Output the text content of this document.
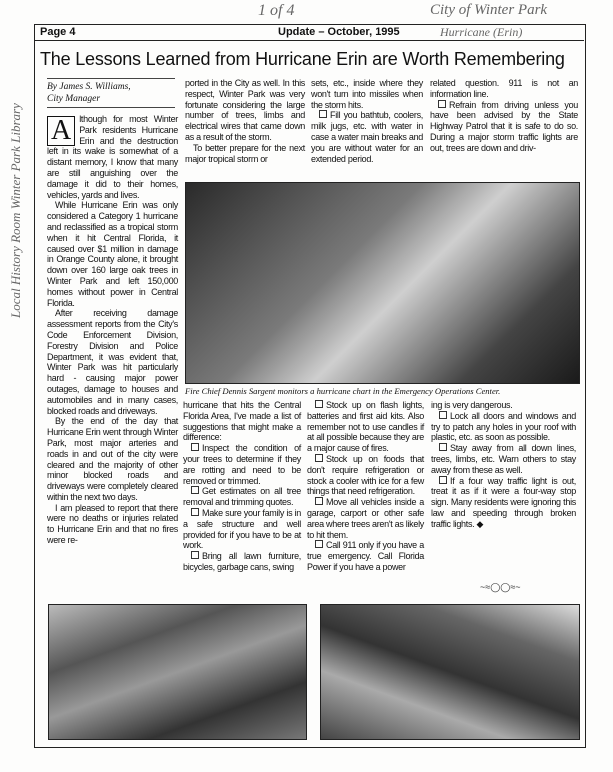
1 of 4	City of Winter Park
Hurricane (Erin)
Local History Room Winter Park Library
Page 4	Update – October, 1995
The Lessons Learned from Hurricane Erin are Worth Remembering
By James S. Williams,
City Manager

A lthough for most Winter Park residents Hurricane Erin and the destruction left in its wake is somewhat of a distant memory, I know that many are still anguishing over the damage it did to their homes, vehicles, yards and lives.

While Hurricane Erin was only considered a Category 1 hurricane and reclassified as a tropical storm when it hit Central Florida, it caused over $1 million in damage in Orange County alone, it brought down over 160 large oak trees in Winter Park and left 150,000 homes without power in Central Florida.

After receiving damage assessment reports from the City's Code Enforcement Division, Forestry Division and Police Department, it was evident that, Winter Park was hit particularly hard - causing major power outages, damage to houses and automobiles and in many cases, blocked roads and driveways.

By the end of the day that Hurricane Erin went through Winter Park, most major arteries and roads in and out of the city were cleared and the majority of other minor blocked roads and driveways were completely cleared within the next two days.

I am pleased to report that there were no deaths or injuries related to Hurricane Erin and that no fires were re-

ported in the City as well. In this respect, Winter Park was very fortunate considering the large number of trees, limbs and electrical wires that came down as a result of the storm.

To better prepare for the next major tropical storm or

sets, etc., inside where they won't turn into missiles when the storm hits.

Fill you bathtub, coolers, milk jugs, etc. with water in case a water main breaks and you are without water for an extended period.

related question. 911 is not an information line.

Refrain from driving unless you have been advised by the State Highway Patrol that it is safe to do so. During a major storm traffic lights are out, trees are down and driv-

Fire Chief Dennis Sargent monitors a hurricane chart in the Emergency Operations Center.

hurricane that hits the Central Florida Area, I've made a list of suggestions that might make a difference:

Inspect the condition of your trees to determine if they are rotting and need to be removed or trimmed.

Get estimates on all tree removal and trimming quotes.

Make sure your family is in a safe structure and well provided for if you have to be at work.

Bring all lawn furniture, bicycles, garbage cans, swing

Stock up on flash lights, batteries and first aid kits. Also remember not to use candles if at all possible because they are a major cause of fires.

Stock up on foods that don't require refrigeration or stock a cooler with ice for a few things that need refrigeration.

Move all vehicles inside a garage, carport or other safe area where trees aren't as likely to hit them.

Call 911 only if you have a true emergency. Call Florida Power if you have a power

ing is very dangerous.

Lock all doors and windows and try to patch any holes in your roof with plastic, etc. as soon as possible.

Stay away from all down lines, trees, limbs, etc. Warn others to stay away from these as well.

If a four way traffic light is out, treat it as if it were a four-way stop sign. Many residents were ignoring this law and speeding through broken traffic lights. ◆

~≈◯◯≈~
